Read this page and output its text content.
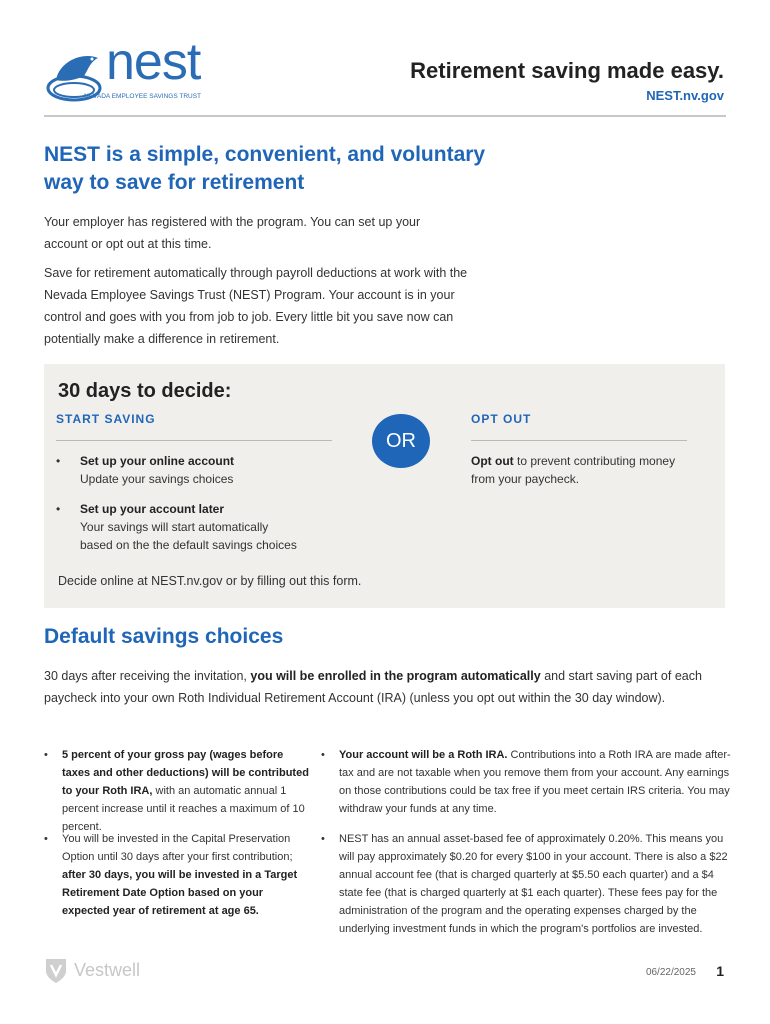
nest
NEVADA EMPLOYEE SAVINGS TRUST
Retirement saving made easy.
NEST.nv.gov
NEST is a simple, convenient, and voluntary way to save for retirement
Your employer has registered with the program. You can set up your account or opt out at this time.
Save for retirement automatically through payroll deductions at work with the Nevada Employee Savings Trust (NEST) Program. Your account is in your control and goes with you from job to job. Every little bit you save now can potentially make a difference in retirement.
30 days to decide:
START SAVING
OR
OPT OUT
• Set up your online account
Update your savings choices
• Set up your account later
Your savings will start automatically
based on the the default savings choices
Opt out to prevent contributing money from your paycheck.
Decide online at NEST.nv.gov or by filling out this form.
Default savings choices
30 days after receiving the invitation, you will be enrolled in the program automatically and start saving part of each paycheck into your own Roth Individual Retirement Account (IRA) (unless you opt out within the 30 day window).
• 5 percent of your gross pay (wages before taxes and other deductions) will be contributed to your Roth IRA, with an automatic annual 1 percent increase until it reaches a maximum of 10 percent.
• Your account will be a Roth IRA. Contributions into a Roth IRA are made after-tax and are not taxable when you remove them from your account. Any earnings on those contributions could be tax free if you meet certain IRS criteria. You may withdraw your funds at any time.
• You will be invested in the Capital Preservation Option until 30 days after your first contribution; after 30 days, you will be invested in a Target Retirement Date Option based on your expected year of retirement at age 65.
• NEST has an annual asset-based fee of approximately 0.20%. This means you will pay approximately $0.20 for every $100 in your account. There is also a $22 annual account fee (that is charged quarterly at $5.50 each quarter) and a $4 state fee (that is charged quarterly at $1 each quarter). These fees pay for the administration of the program and the operating expenses charged by the underlying investment funds in which the program's portfolios are invested.
Vestwell	06/22/2025 1
